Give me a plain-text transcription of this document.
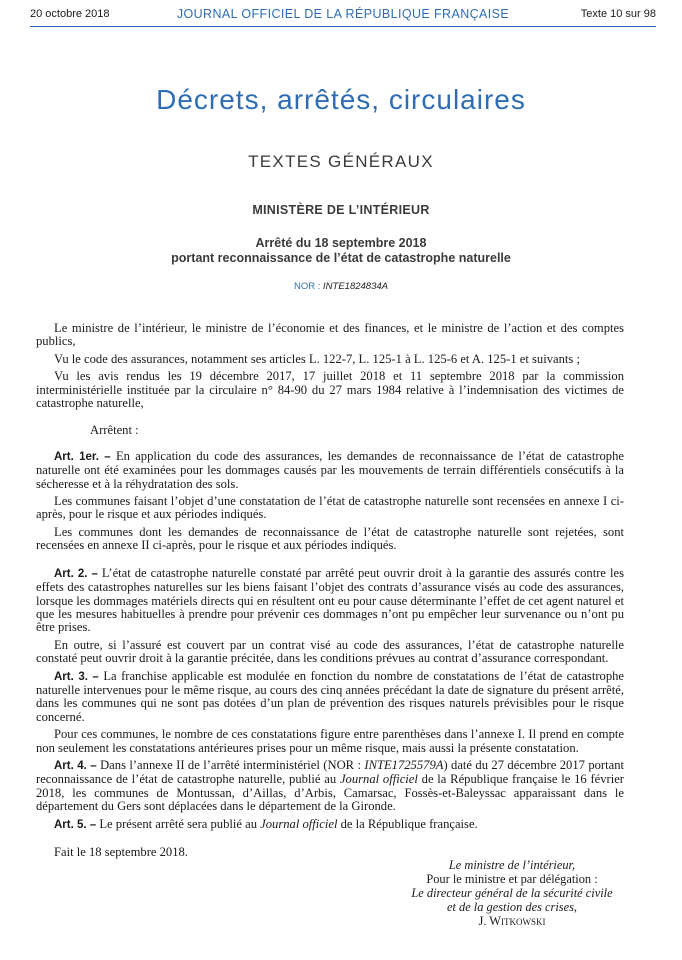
20 octobre 2018	JOURNAL OFFICIEL DE LA RÉPUBLIQUE FRANÇAISE	Texte 10 sur 98
Décrets, arrêtés, circulaires
TEXTES GÉNÉRAUX
MINISTÈRE DE L’INTÉRIEUR
Arrêté du 18 septembre 2018
portant reconnaissance de l’état de catastrophe naturelle
NOR : INTE1824834A

Le ministre de l’intérieur, le ministre de l’économie et des finances, et le ministre de l’action et des comptes publics,

Vu le code des assurances, notamment ses articles L. 122-7, L. 125-1 à L. 125-6 et A. 125-1 et suivants ;

Vu les avis rendus les 19 décembre 2017, 17 juillet 2018 et 11 septembre 2018 par la commission interministérielle instituée par la circulaire n° 84-90 du 27 mars 1984 relative à l’indemnisation des victimes de catastrophe naturelle,

Arrêtent :

Art. 1er. – En application du code des assurances, les demandes de reconnaissance de l’état de catastrophe naturelle ont été examinées pour les dommages causés par les mouvements de terrain différentiels consécutifs à la sécheresse et à la réhydratation des sols.

Les communes faisant l’objet d’une constatation de l’état de catastrophe naturelle sont recensées en annexe I ci-après, pour le risque et aux périodes indiqués.

Les communes dont les demandes de reconnaissance de l’état de catastrophe naturelle sont rejetées, sont recensées en annexe II ci-après, pour le risque et aux périodes indiqués.

Art. 2. – L’état de catastrophe naturelle constaté par arrêté peut ouvrir droit à la garantie des assurés contre les effets des catastrophes naturelles sur les biens faisant l’objet des contrats d’assurance visés au code des assurances, lorsque les dommages matériels directs qui en résultent ont eu pour cause déterminante l’effet de cet agent naturel et que les mesures habituelles à prendre pour prévenir ces dommages n’ont pu empêcher leur survenance ou n’ont pu être prises.

En outre, si l’assuré est couvert par un contrat visé au code des assurances, l’état de catastrophe naturelle constaté peut ouvrir droit à la garantie précitée, dans les conditions prévues au contrat d’assurance correspondant.

Art. 3. – La franchise applicable est modulée en fonction du nombre de constatations de l’état de catastrophe naturelle intervenues pour le même risque, au cours des cinq années précédant la date de signature du présent arrêté, dans les communes qui ne sont pas dotées d’un plan de prévention des risques naturels prévisibles pour le risque concerné.

Pour ces communes, le nombre de ces constatations figure entre parenthèses dans l’annexe I. Il prend en compte non seulement les constatations antérieures prises pour un même risque, mais aussi la présente constatation.

Art. 4. – Dans l’annexe II de l’arrêté interministériel (NOR : INTE1725579A) daté du 27 décembre 2017 portant reconnaissance de l’état de catastrophe naturelle, publié au Journal officiel de la République française le 16 février 2018, les communes de Montussan, d’Aillas, d’Arbis, Camarsac, Fossès-et-Baleyssac apparaissant dans le département du Gers sont déplacées dans le département de la Gironde.

Art. 5. – Le présent arrêté sera publié au Journal officiel de la République française.

Fait le 18 septembre 2018.

Le ministre de l’intérieur,
Pour le ministre et par délégation :
Le directeur général de la sécurité civile
et de la gestion des crises,
J. Witkowski
